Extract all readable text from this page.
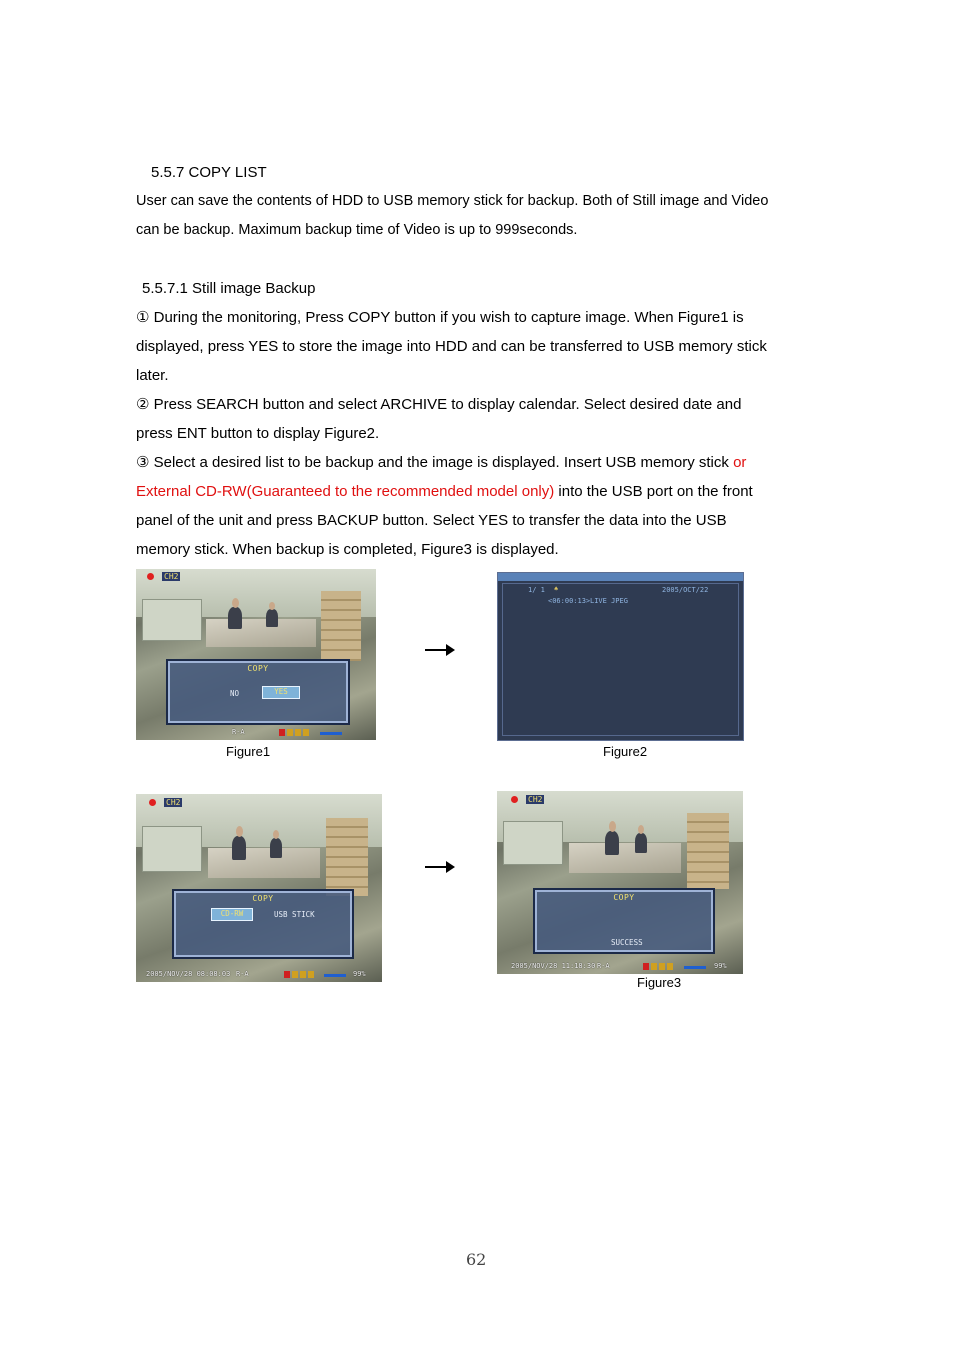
5.5.7 COPY LIST
User can save the contents of HDD to USB memory stick for backup. Both of Still image and Video
can be backup. Maximum backup time of Video is up to 999seconds.
5.5.7.1 Still image Backup
① During the monitoring, Press COPY button if you wish to capture image. When Figure1 is
displayed, press YES to store the image into HDD and can be transferred to USB memory stick
later.
② Press SEARCH button and select ARCHIVE to display calendar. Select desired date and
press ENT button to display Figure2.
③ Select a desired list to be backup and the image is displayed. Insert USB memory stick or
External CD-RW(Guaranteed to the recommended model only) into the USB port on the front
panel of the unit and press BACKUP button. Select YES to transfer the data into the USB
memory stick. When backup is completed, Figure3 is displayed.
CH2
COPY
NO	YES
R-A
Figure1
1/ 1 ♠	2005/OCT/22
<06:00:13> LIVE JPEG
Figure2
CH2
COPY
CD-RW	USB STICK
2005/NOV/28 08:08:03 R-A	99%
CH2
COPY
SUCCESS
2005/NOV/28 11:18:30 R-A	99%
Figure3
62
